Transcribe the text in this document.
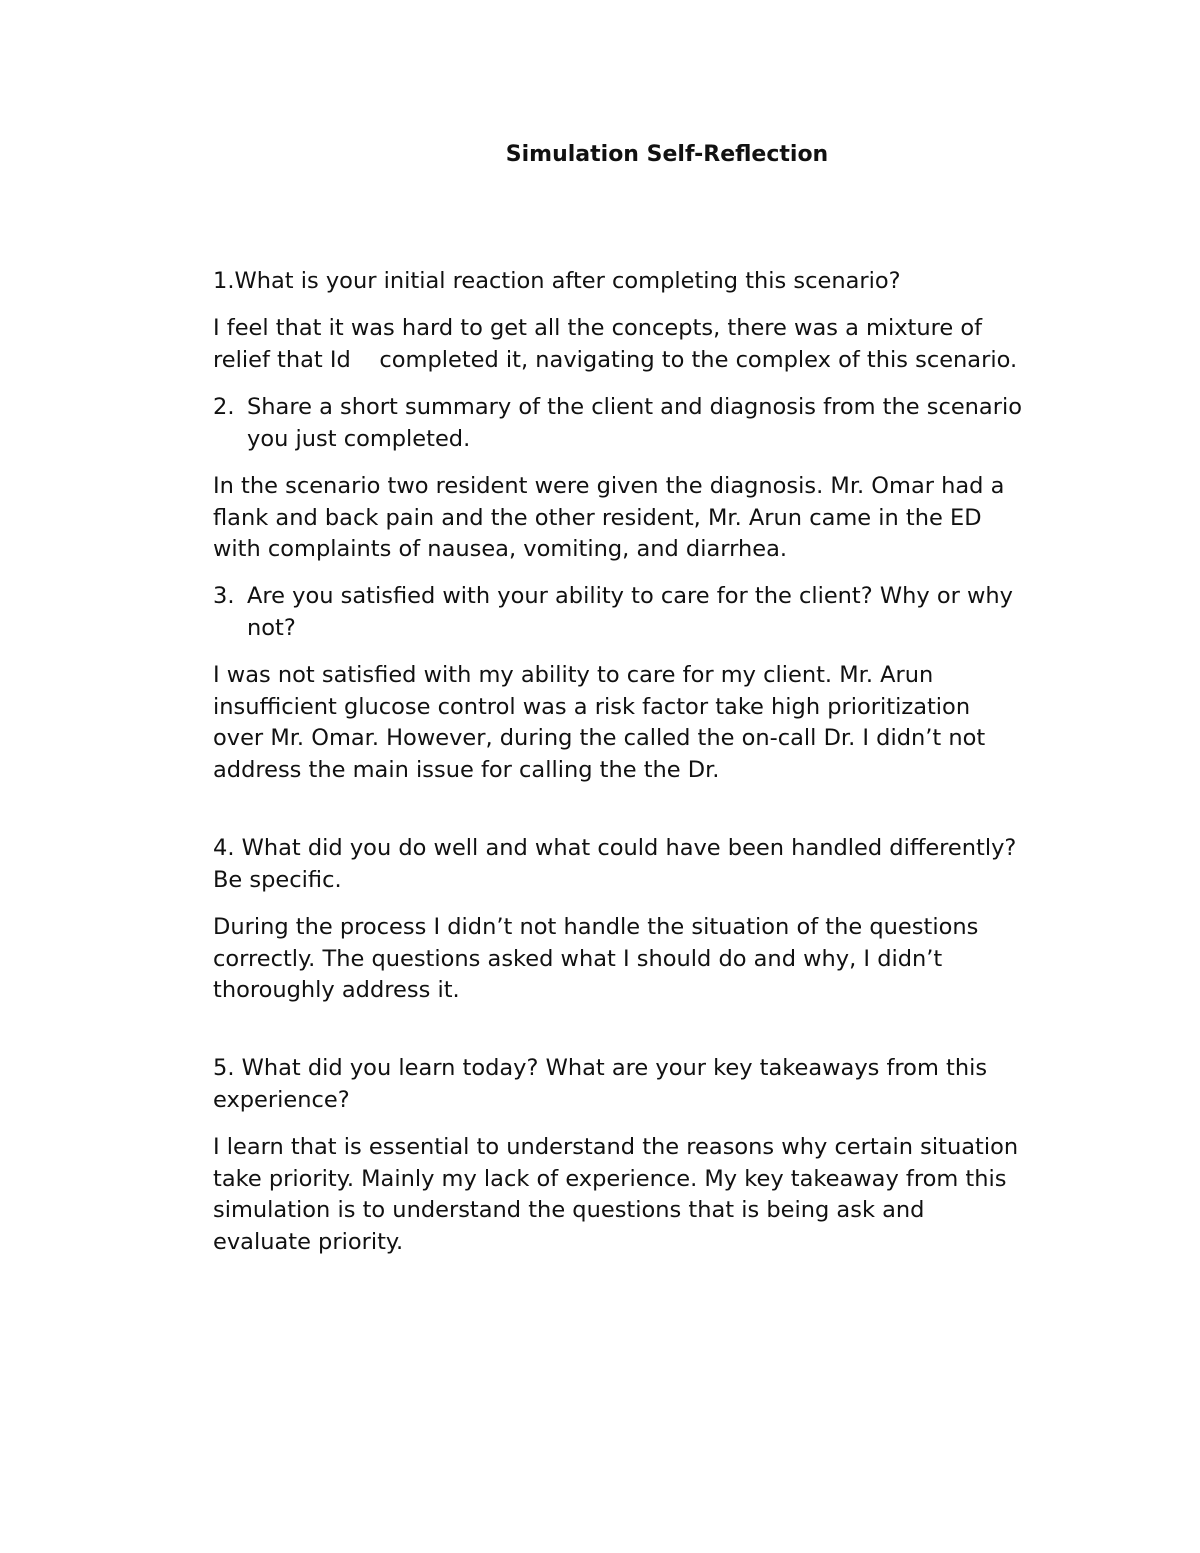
Simulation Self-Reflection

1.What is your initial reaction after completing this scenario?

I feel that it was hard to get all the concepts, there was a mixture of
relief that Id    completed it, navigating to the complex of this scenario.

2. Share a short summary of the client and diagnosis from the scenario
you just completed.
In the scenario two resident were given the diagnosis. Mr. Omar had a
flank and back pain and the other resident, Mr. Arun came in the ED
with complaints of nausea, vomiting, and diarrhea.
3. Are you satisfied with your ability to care for the client? Why or why
not?
I was not satisfied with my ability to care for my client. Mr. Arun
insufficient glucose control was a risk factor take high prioritization
over Mr. Omar. However, during the called the on-call Dr. I didn’t not
address the main issue for calling the the Dr.
4. What did you do well and what could have been handled differently?
Be specific.
During the process I didn’t not handle the situation of the questions
correctly. The questions asked what I should do and why, I didn’t
thoroughly address it.
5. What did you learn today? What are your key takeaways from this
experience?
I learn that is essential to understand the reasons why certain situation
take priority. Mainly my lack of experience. My key takeaway from this
simulation is to understand the questions that is being ask and
evaluate priority.
